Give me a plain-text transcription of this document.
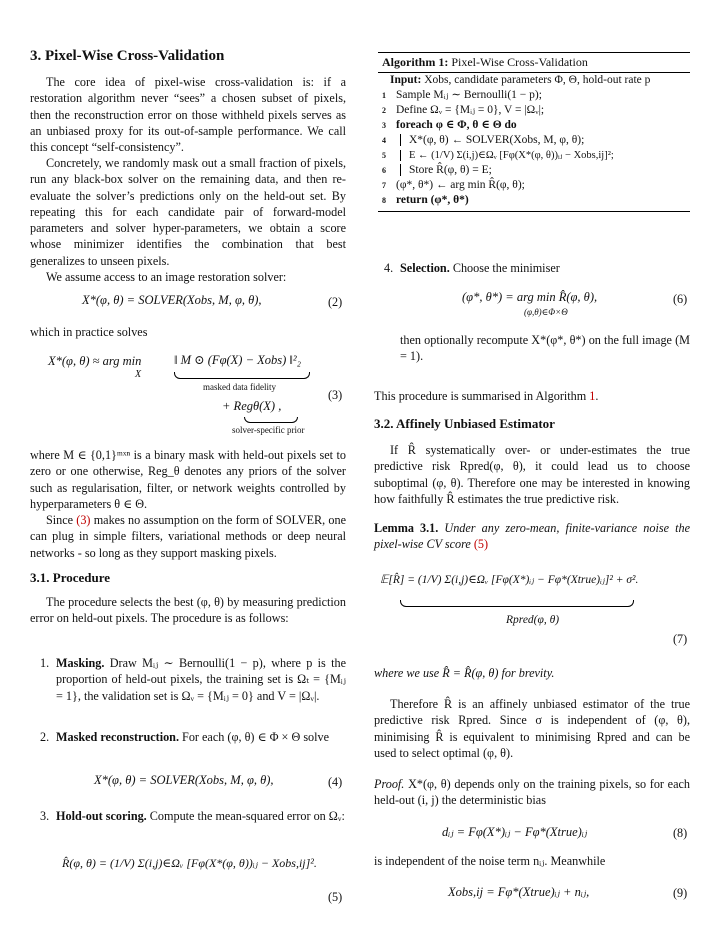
3. Pixel-Wise Cross-Validation

The core idea of pixel-wise cross-validation is: if a restoration algorithm never “sees” a chosen subset of pixels, then the reconstruction error on those withheld pixels serves as an unbiased proxy for its out-of-sample performance. We call this concept “self-consistency”.

Concretely, we randomly mask out a small fraction of pixels, run any black-box solver on the remaining data, and then re-evaluate the solver’s predictions only on the held-out set. By repeating this for each candidate pair of forward-model parameters and solver hyper-parameters, we obtain a score whose minimizer identifies the combination that best generalizes to unseen pixels.

We assume access to an image restoration solver:

X*(φ, θ) = SOLVER(Xobs, M, φ, θ),	(2)
which in practice solves
X*(φ, θ) ≈ arg min
X
‖ M ⊙ (Fφ(X) − Xobs) ‖²₂
masked data fidelity
+ Regθ(X) ,
solver-specific prior
(3)

where M ∈ {0,1}ᵐˣⁿ is a binary mask with held-out pixels set to zero or one otherwise, Reg_θ denotes any priors of the solver such as regularisation, filter, or network weights controlled by hyperparameters θ ∈ Θ.

Since (3) makes no assumption on the form of SOLVER, one can plug in simple filters, variational methods or deep neural networks - so long as they support masking pixels.

3.1. Procedure

The procedure selects the best (φ, θ) by measuring prediction error on held-out pixels. The procedure is as follows:

1. Masking. Draw Mᵢⱼ ∼ Bernoulli(1 − p), where p is the proportion of held-out pixels, the training set is Ωₜ = {Mᵢⱼ = 1}, the validation set is Ωᵥ = {Mᵢⱼ = 0} and V = |Ωᵥ|.
2. Masked reconstruction. For each (φ, θ) ∈ Φ × Θ solve
X*(φ, θ) = SOLVER(Xobs, M, φ, θ),	(4)
3. Hold-out scoring. Compute the mean-squared error on Ωᵥ:
R̂(φ, θ) = (1/V) Σ(i,j)∈Ωᵥ [Fφ(X*(φ, θ))ᵢⱼ − Xobs,ij]².
(5)
Algorithm 1: Pixel-Wise Cross-Validation
Input: Xobs, candidate parameters Φ, Θ, hold-out rate p
1 Sample Mᵢⱼ ∼ Bernoulli(1 − p);
2 Define Ωᵥ = {Mᵢⱼ = 0}, V = |Ωᵥ|;
3 foreach φ ∈ Φ, θ ∈ Θ do
4 X*(φ, θ) ← SOLVER(Xobs, M, φ, θ);
5 E ← (1/V) Σ(i,j)∈Ωᵥ [Fφ(X*(φ, θ))ᵢⱼ − Xobs,ij]²;
6 Store R̂(φ, θ) = E;
7 (φ*, θ*) ← arg min R̂(φ, θ);
8 return (φ*, θ*)
4. Selection. Choose the minimiser
(φ*, θ*) = arg min R̂(φ, θ),
(φ,θ)∈Φ×Θ
(6)

then optionally recompute X*(φ*, θ*) on the full image (M = 1).

This procedure is summarised in Algorithm 1.

3.2. Affinely Unbiased Estimator

If R̂ systematically over- or under-estimates the true predictive risk Rpred(φ, θ), it could lead us to choose suboptimal (φ, θ). Therefore one may be interested in knowing how faithfully R̂ estimates the true predictive risk.

Lemma 3.1. Under any zero-mean, finite-variance noise the pixel-wise CV score (5)

𝔼[R̂] = (1/V) Σ(i,j)∈Ωᵥ [Fφ(X*)ᵢⱼ − Fφ*(Xtrue)ᵢⱼ]² + σ².
Rpred(φ, θ)
(7)

where we use R̂ = R̂(φ, θ) for brevity.

Therefore R̂ is an affinely unbiased estimator of the true predictive risk Rpred. Since σ is independent of (φ, θ), minimising R̂ is equivalent to minimising Rpred and can be used to select optimal (φ, θ).

Proof. X*(φ, θ) depends only on the training pixels, so for each held-out (i, j) the deterministic bias

dᵢⱼ = Fφ(X*)ᵢⱼ − Fφ*(Xtrue)ᵢⱼ	(8)

is independent of the noise term nᵢⱼ. Meanwhile

Xobs,ij = Fφ*(Xtrue)ᵢⱼ + nᵢⱼ,	(9)
